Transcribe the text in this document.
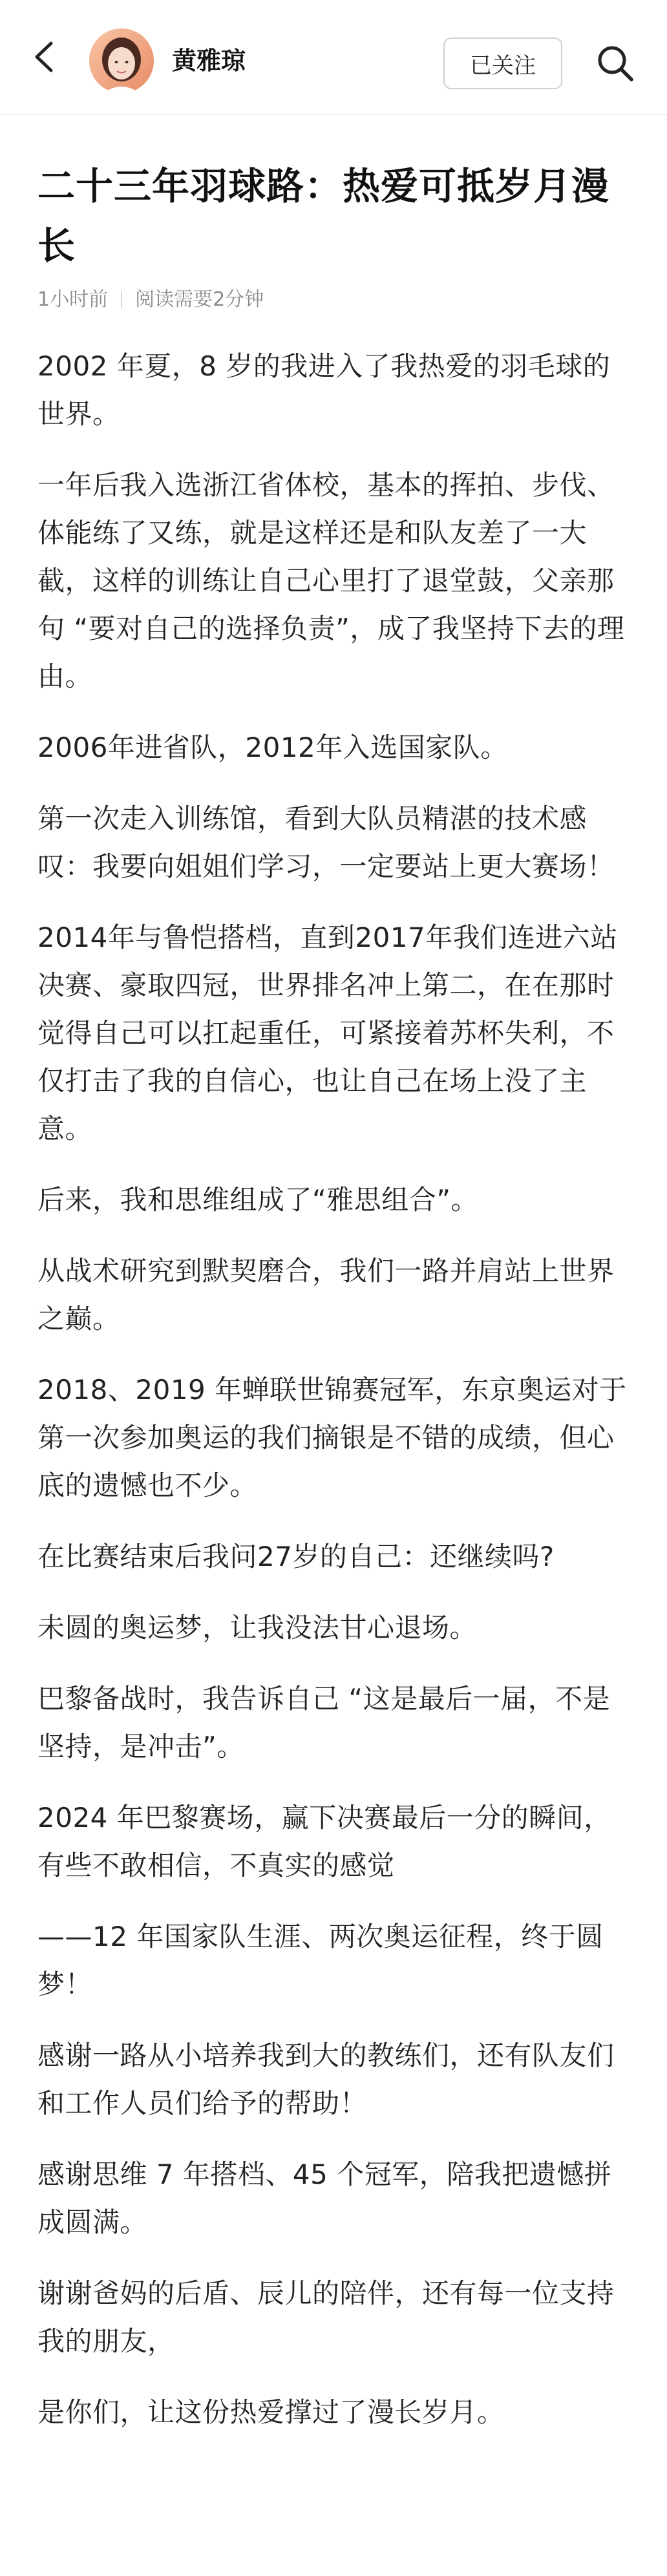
黄雅琼	已关注
二十三年羽球路：热爱可抵岁月漫长
1小时前 阅读需要2分钟

2002 年夏，8 岁的我进入了我热爱的羽毛球的世界。

一年后我入选浙江省体校，基本的挥拍、步伐、体能练了又练，就是这样还是和队友差了一大截，这样的训练让自己心里打了退堂鼓，父亲那句 “要对自己的选择负责”，成了我坚持下去的理由。

2006年进省队，2012年入选国家队。

第一次走入训练馆，看到大队员精湛的技术感叹：我要向姐姐们学习，一定要站上更大赛场！

2014年与鲁恺搭档，直到2017年我们连进六站决赛、豪取四冠，世界排名冲上第二，在在那时觉得自己可以扛起重任，可紧接着苏杯失利，不仅打击了我的自信心，也让自己在场上没了主意。

后来，我和思维组成了“雅思组合”。

从战术研究到默契磨合，我们一路并肩站上世界之巅。

2018、2019 年蝉联世锦赛冠军，东京奥运对于第一次参加奥运的我们摘银是不错的成绩，但心底的遗憾也不少。

在比赛结束后我问27岁的自己：还继续吗?

未圆的奥运梦，让我没法甘心退场。

巴黎备战时，我告诉自己 “这是最后一届，不是坚持，是冲击”。

2024 年巴黎赛场，赢下决赛最后一分的瞬间，有些不敢相信，不真实的感觉

——12 年国家队生涯、两次奥运征程，终于圆梦！

感谢一路从小培养我到大的教练们，还有队友们和工作人员们给予的帮助！

感谢思维 7 年搭档、45 个冠军，陪我把遗憾拼成圆满。

谢谢爸妈的后盾、辰儿的陪伴，还有每一位支持我的朋友，

是你们，让这份热爱撑过了漫长岁月。
